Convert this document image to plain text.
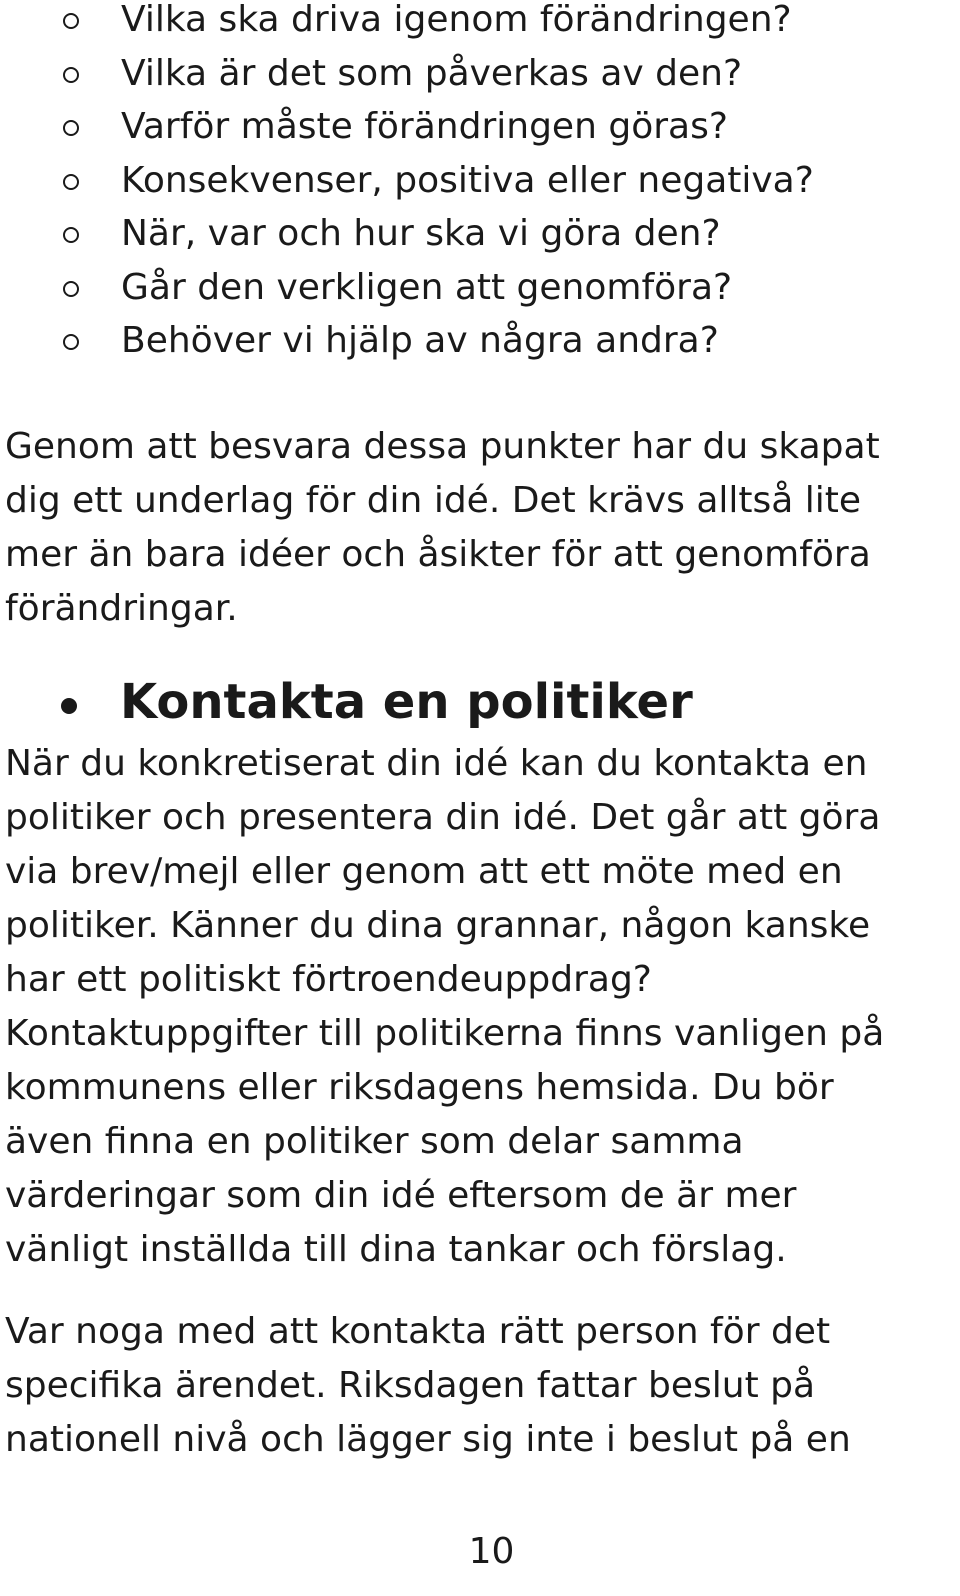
Vilka ska driva igenom förändringen?
Vilka är det som påverkas av den?
Varför måste förändringen göras?
Konsekvenser, positiva eller negativa?
När, var och hur ska vi göra den?
Går den verkligen att genomföra?
Behöver vi hjälp av några andra?

Genom att besvara dessa punkter har du skapat
dig ett underlag för din idé. Det krävs alltså lite
mer än bara idéer och åsikter för att genomföra
förändringar.

Kontakta en politiker

När du konkretiserat din idé kan du kontakta en
politiker och presentera din idé. Det går att göra
via brev/mejl eller genom att ett möte med en
politiker. Känner du dina grannar, någon kanske
har ett politiskt förtroendeuppdrag?
Kontaktuppgifter till politikerna finns vanligen på
kommunens eller riksdagens hemsida. Du bör
även finna en politiker som delar samma
värderingar som din idé eftersom de är mer
vänligt inställda till dina tankar och förslag.

Var noga med att kontakta rätt person för det
specifika ärendet. Riksdagen fattar beslut på
nationell nivå och lägger sig inte i beslut på en

10
